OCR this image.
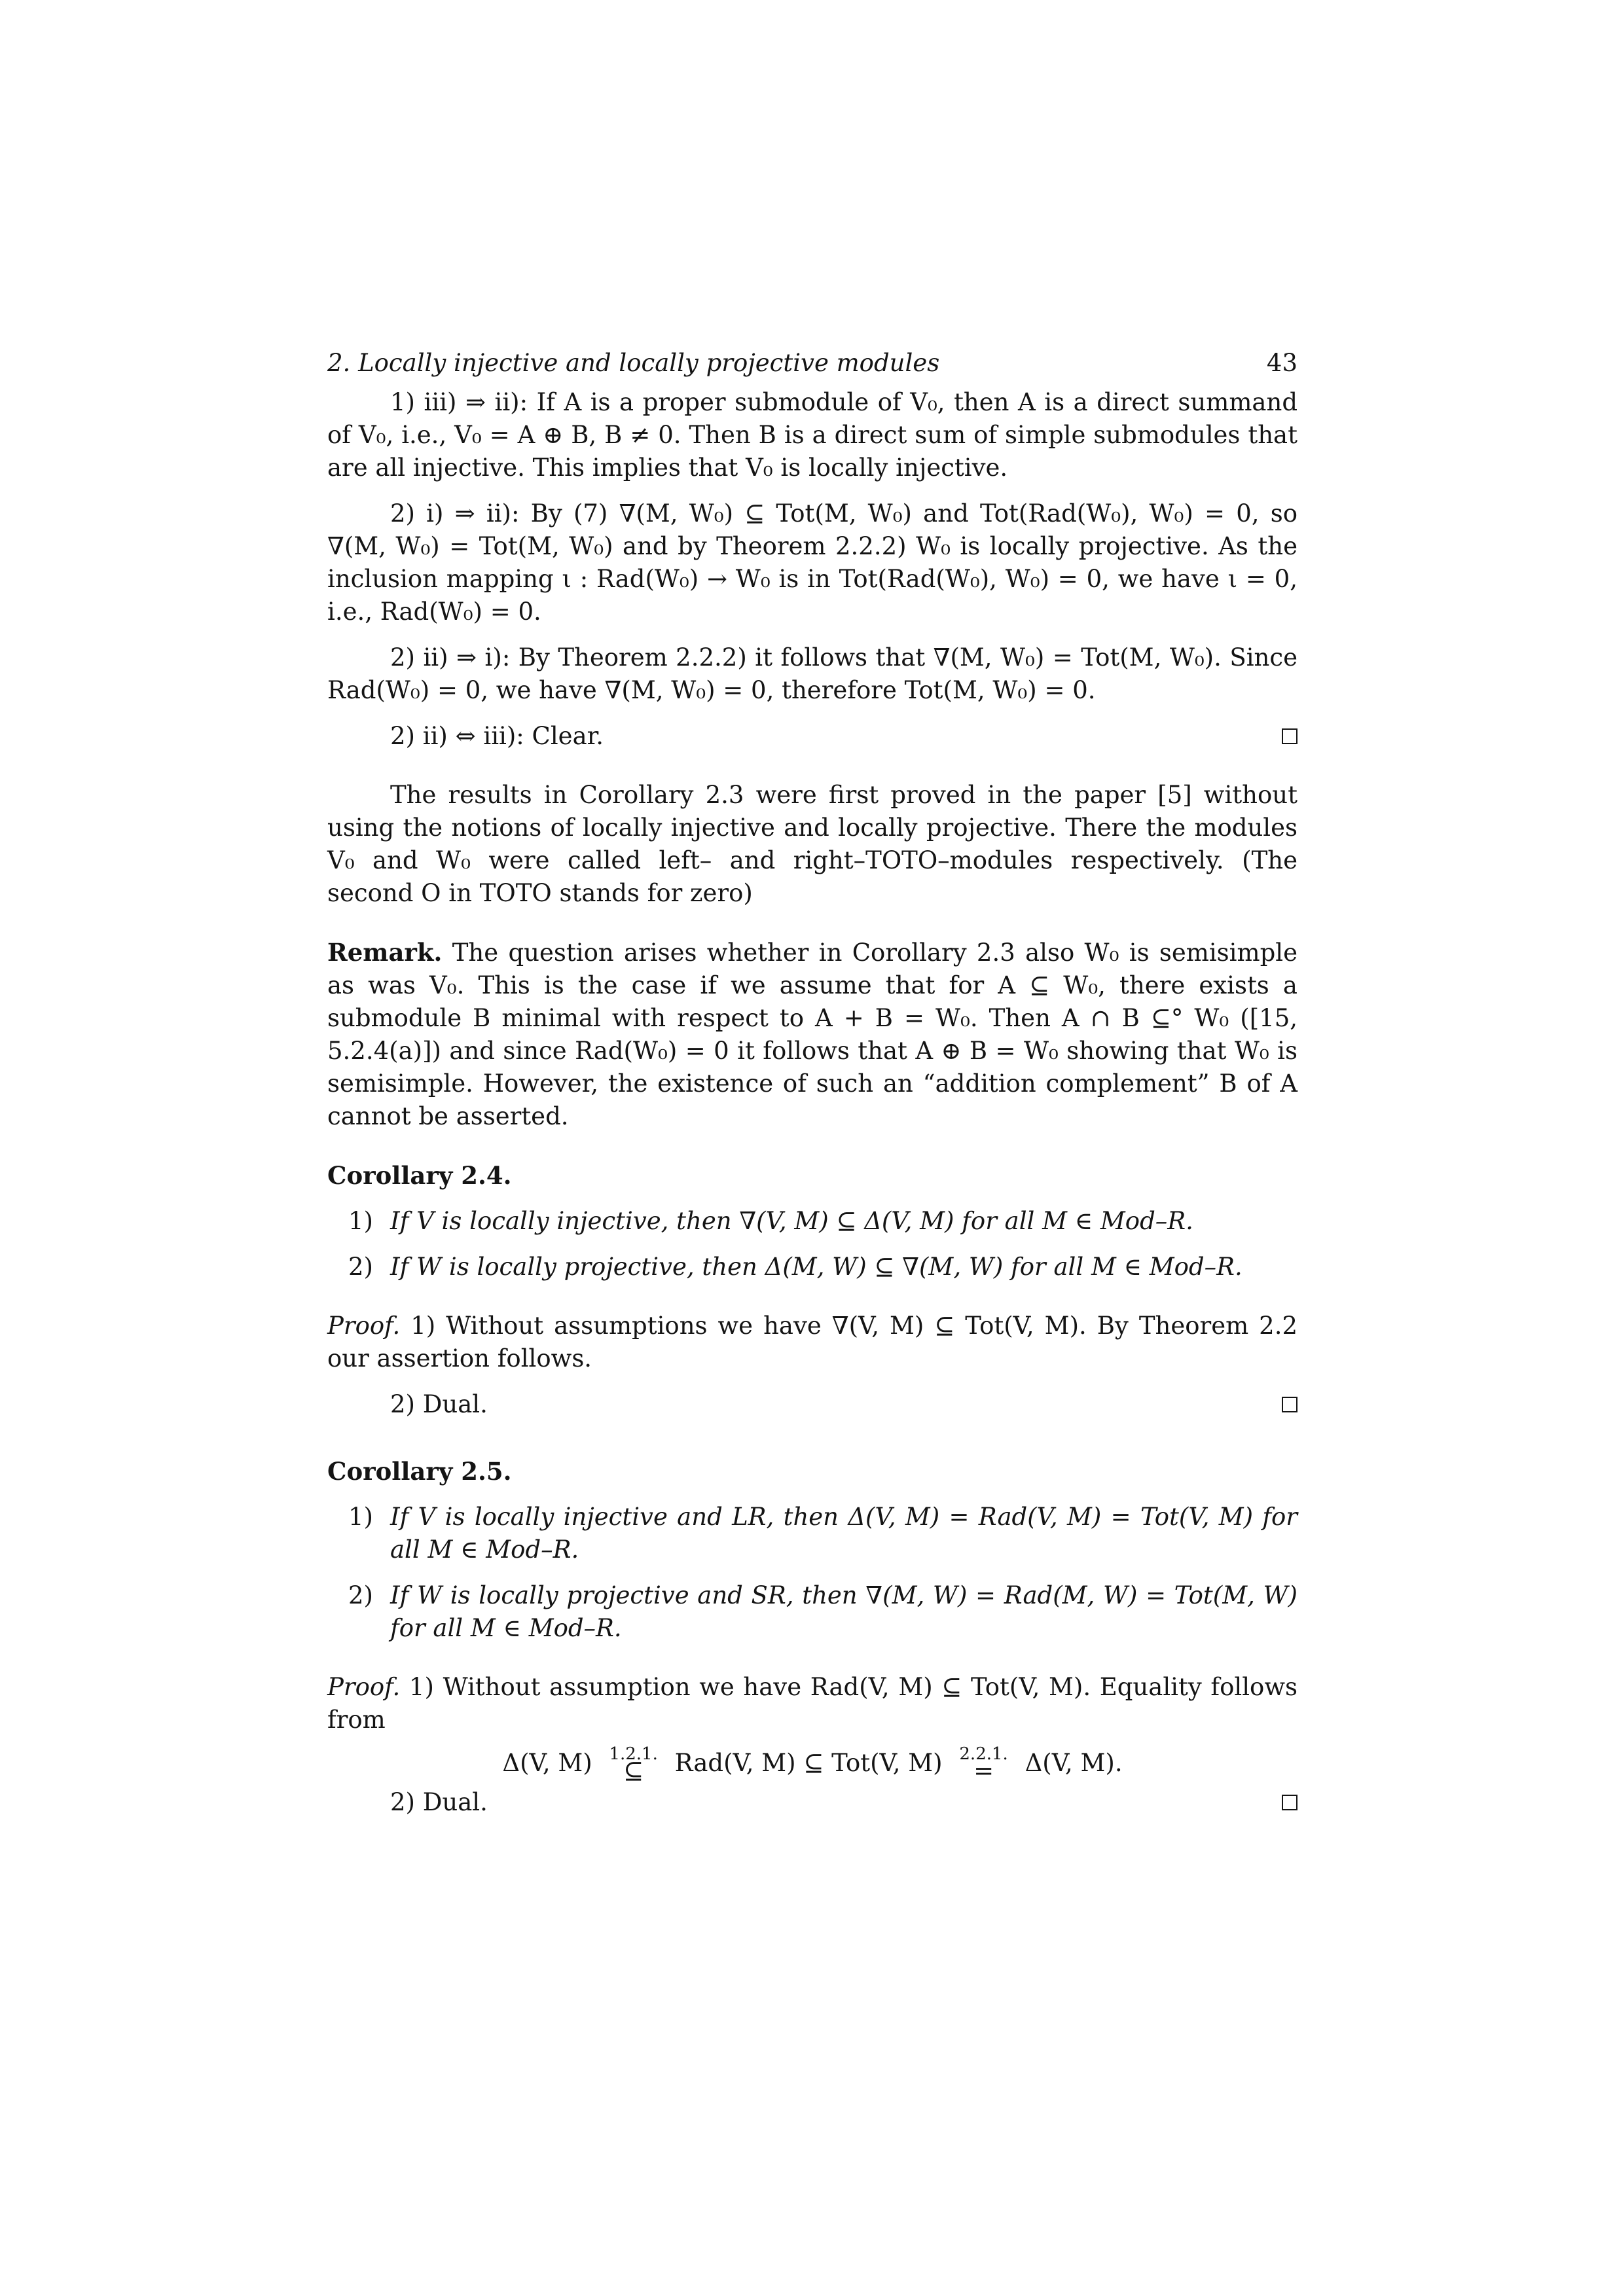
2. Locally injective and locally projective modules	43

1) iii) ⇒ ii): If A is a proper submodule of V₀, then A is a direct summand of V₀, i.e., V₀ = A ⊕ B, B ≠ 0. Then B is a direct sum of simple submodules that are all injective. This implies that V₀ is locally injective.

2) i) ⇒ ii): By (7) ∇(M, W₀) ⊆ Tot(M, W₀) and Tot(Rad(W₀), W₀) = 0, so ∇(M, W₀) = Tot(M, W₀) and by Theorem 2.2.2) W₀ is locally projective. As the inclusion mapping ι : Rad(W₀) → W₀ is in Tot(Rad(W₀), W₀) = 0, we have ι = 0, i.e., Rad(W₀) = 0.

2) ii) ⇒ i): By Theorem 2.2.2) it follows that ∇(M, W₀) = Tot(M, W₀). Since Rad(W₀) = 0, we have ∇(M, W₀) = 0, therefore Tot(M, W₀) = 0.

2) ii) ⇔ iii): Clear.

The results in Corollary 2.3 were first proved in the paper [5] without using the notions of locally injective and locally projective. There the modules V₀ and W₀ were called left– and right–TOTO–modules respectively. (The second O in TOTO stands for zero)

Remark. The question arises whether in Corollary 2.3 also W₀ is semisimple as was V₀. This is the case if we assume that for A ⊆ W₀, there exists a submodule B minimal with respect to A + B = W₀. Then A ∩ B ⊆° W₀ ([15, 5.2.4(a)]) and since Rad(W₀) = 0 it follows that A ⊕ B = W₀ showing that W₀ is semisimple. However, the existence of such an “addition complement” B of A cannot be asserted.

Corollary 2.4.

1) If V is locally injective, then ∇(V, M) ⊆ Δ(V, M) for all M ∈ Mod–R.
2) If W is locally projective, then Δ(M, W) ⊆ ∇(M, W) for all M ∈ Mod–R.

Proof. 1) Without assumptions we have ∇(V, M) ⊆ Tot(V, M). By Theorem 2.2 our assertion follows.

2) Dual.

Corollary 2.5.

1) If V is locally injective and LR, then Δ(V, M) = Rad(V, M) = Tot(V, M) for all M ∈ Mod–R.
2) If W is locally projective and SR, then ∇(M, W) = Rad(M, W) = Tot(M, W) for all M ∈ Mod–R.

Proof. 1) Without assumption we have Rad(V, M) ⊆ Tot(V, M). Equality follows from

Δ(V, M) 1.2.1.
⊆ Rad(V, M) ⊆ Tot(V, M) 2.2.1.
= Δ(V, M).
2) Dual.
